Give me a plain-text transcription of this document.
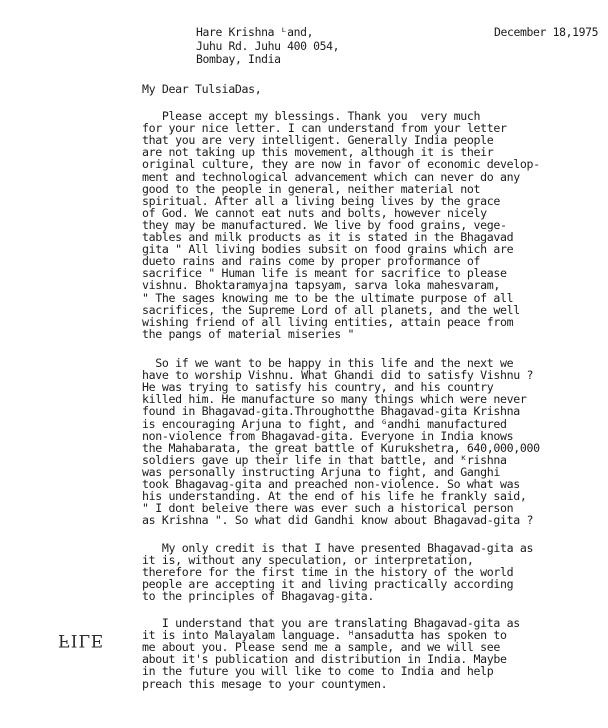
Hare Krishna ᴸand,
Juhu Rd. Juhu 400 054,
Bombay, India
December 18,1975
My Dear TulsiaDas,
Please accept my blessings. Thank you  very much
for your nice letter. I can understand from your letter
that you are very intelligent. Generally India people
are not taking up this movement, although it is their
original culture, they are now in favor of economic develop-
ment and technological advancement which can never do any
good to the people in general, neither material not
spiritual. After all a living being lives by the grace
of God. We cannot eat nuts and bolts, however nicely
they may be manufactured. We live by food grains, vege-
tables and milk products as it is stated in the Bhagavad
gita " All living bodies subsit on food grains which are
dueto rains and rains come by proper proformance of
sacrifice " Human life is meant for sacrifice to please
vishnu. Bhoktaramyajna tapsyam, sarva loka mahesvaram,
" The sages knowing me to be the ultimate purpose of all
sacrifices, the Supreme Lord of all planets, and the well
wishing friend of all living entities, attain peace from
the pangs of material miseries "
So if we want to be happy in this life and the next we
have to worship Vishnu. What Ghandi did to satisfy Vishnu ?
He was trying to satisfy his country, and his country
killed him. He manufacture so many things which were never
found in Bhagavad-gita.Throughotthe Bhagavad-gita Krishna
is encouraging Arjuna to fight, and ᴳandhi manufactured
non-violence from Bhagavad-gita. Everyone in India knows
the Mahabarata, the great battle of Kurukshetra, 640,000,000
soldiers gave up their life in that battle, and ᴷrishna
was personally instructing Arjuna to fight, and Ganghi
took Bhagavag-gita and preached non-violence. So what was
his understanding. At the end of his life he frankly said,
" I dont beleive there was ever such a historical person
as Krishna ". So what did Gandhi know about Bhagavad-gita ?
My only credit is that I have presented Bhagavad-gita as
it is, without any speculation, or interpretation,
therefore for the first time in the history of the world
people are accepting it and living practically according
to the principles of Bhagavag-gita.
I understand that you are translating Bhagavad-gita as
it is into Malayalam language. ᴴansadutta has spoken to
me about you. Please send me a sample, and we will see
about it's publication and distribution in India. Maybe
in the future you will like to come to India and help
preach this mesage to your countymen.
FILE
